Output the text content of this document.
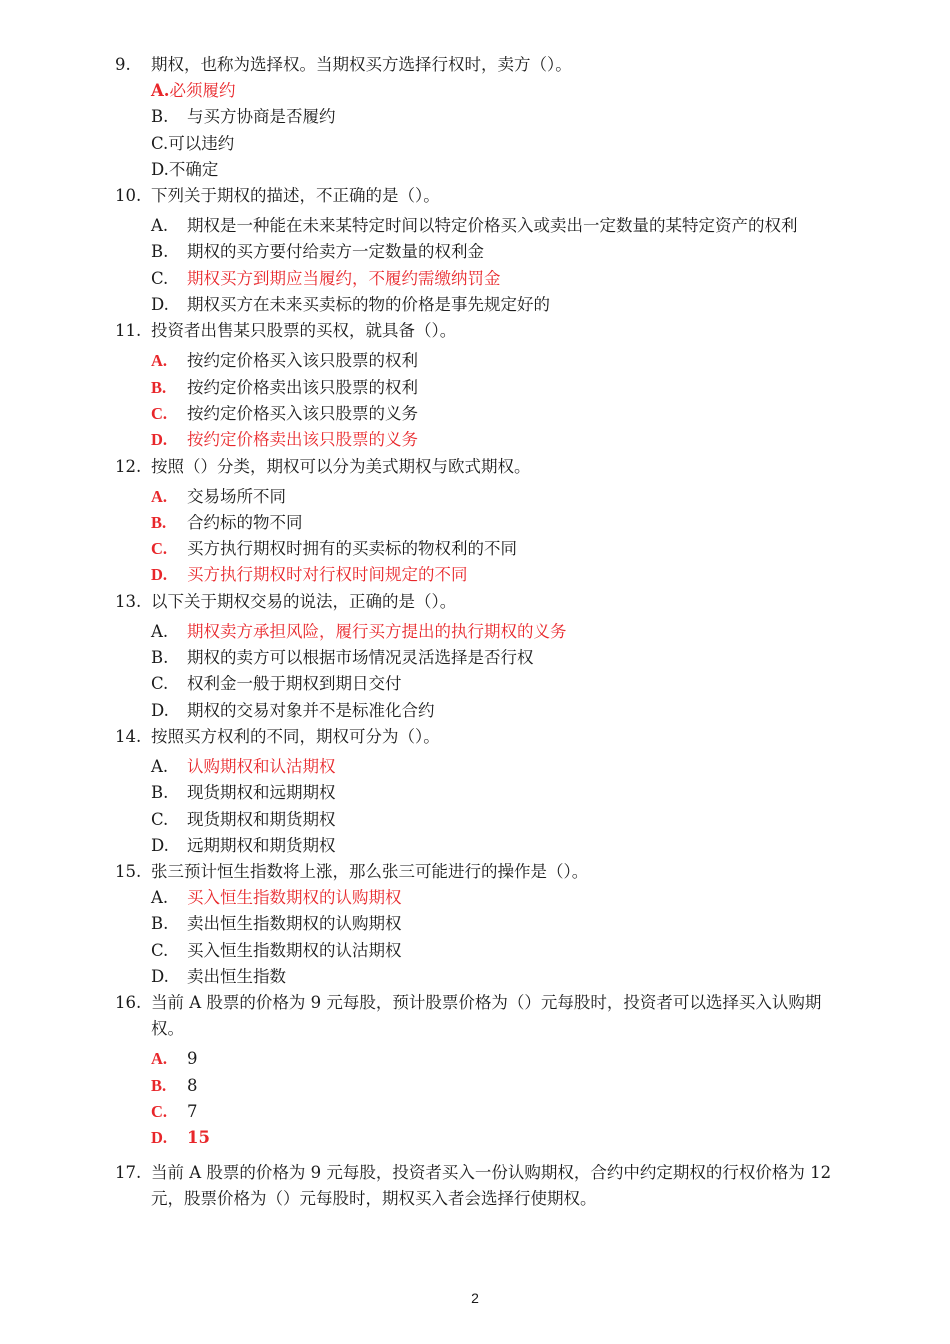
9.	期权，也称为选择权。当期权买方选择行权时，卖方（）。
A. 必须履约
B.	与买方协商是否履约
C. 可以违约
D. 不确定
10. 下列关于期权的描述，不正确的是（）。
A.	期权是一种能在未来某特定时间以特定价格买入或卖出一定数量的某特定资产的权利
B.	期权的买方要付给卖方一定数量的权利金
C.	期权买方到期应当履约，不履约需缴纳罚金
D.	期权买方在未来买卖标的物的价格是事先规定好的
11. 投资者出售某只股票的买权，就具备（）。
A.	按约定价格买入该只股票的权利
B.	按约定价格卖出该只股票的权利
C.	按约定价格买入该只股票的义务
D.	按约定价格卖出该只股票的义务
12. 按照（）分类，期权可以分为美式期权与欧式期权。
A.	交易场所不同
B.	合约标的物不同
C.	买方执行期权时拥有的买卖标的物权利的不同
D.	买方执行期权时对行权时间规定的不同
13. 以下关于期权交易的说法，正确的是（）。
A.	期权卖方承担风险，履行买方提出的执行期权的义务
B.	期权的卖方可以根据市场情况灵活选择是否行权
C.	权利金一般于期权到期日交付
D.	期权的交易对象并不是标准化合约
14. 按照买方权利的不同，期权可分为（）。
A.	认购期权和认沽期权
B.	现货期权和远期期权
C.	现货期权和期货期权
D.	远期期权和期货期权
15. 张三预计恒生指数将上涨，那么张三可能进行的操作是（）。
A.	买入恒生指数期权的认购期权
B.	卖出恒生指数期权的认购期权
C.	买入恒生指数期权的认沽期权
D.	卖出恒生指数
16. 当前 A 股票的价格为 9 元每股，预计股票价格为（）元每股时，投资者可以选择买入认购期权。
A.	9
B.	8
C.	7
D.	15
17. 当前 A 股票的价格为 9 元每股，投资者买入一份认购期权，合约中约定期权的行权价格为 12 元，股票价格为（）元每股时，期权买入者会选择行使期权。
2
